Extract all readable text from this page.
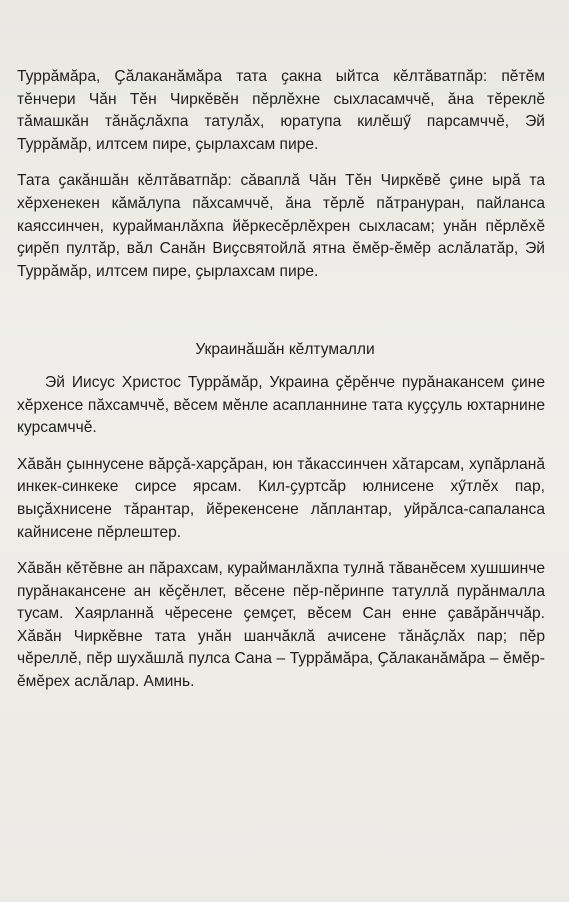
Туррӑмӑра, Ҫӑлаканӑмӑра тата ҫакна ыйтса кӗлтӑватпӑр: пӗтӗм тӗнчери Чӑн Тӗн Чиркӗвӗн пӗрлӗхне сыхласамччӗ, ӑна тӗреклӗ тӑмашкӑн тӑнӑҫлӑхпа татулӑх, юратупа килӗшӳ парсамччӗ, Эй Туррӑмӑр, илтсем пире, ҫырлахсам пире.

Тата ҫакӑншӑн кӗлтӑватпӑр: сӑваплӑ Чӑн Тӗн Чиркӗвӗ ҫине ырӑ та хӗрхенекен кӑмӑлупа пӑхсамччӗ, ӑна тӗрлӗ пӑтрануран, пайланса каяссинчен, курайманлӑхпа йӗркесӗрлӗхрен сыхласам; унӑн пӗрлӗхӗ ҫирӗп пултӑр, вӑл Санӑн Виҫсвятойлӑ ятна ӗмӗр-ӗмӗр аслӑлатӑр, Эй Туррӑмӑр, илтсем пире, ҫырлахсам пире.

Украинӑшӑн кӗлтумалли

Эй Иисус Христос Туррӑмӑр, Украина ҫӗрӗнче пурӑнакансем ҫине хӗрхенсе пӑхсамччӗ, вӗсем мӗнле асапланнине тата куҫҫуль юхтарнине курсамччӗ.

Хӑвӑн ҫыннусене вӑрҫӑ-харҫӑран, юн тӑкассинчен хӑтарсам, хупӑрланӑ инкек-синкеке сирсе ярсам. Кил-ҫуртсӑр юлнисене хӳтлӗх пар, выҫӑхнисене тӑрантар, йӗрекенсене лӑплантар, уйрӑлса-сапаланса кайнисене пӗрлештер.

Хӑвӑн кӗтӗвне ан пӑрахсам, курайманлӑхпа тулнӑ тӑванӗсем хушшинче пурӑнакансене ан кӗҫӗнлет, вӗсене пӗр-пӗринпе татуллӑ пурӑнмалла тусам. Хаярланнӑ чӗресене ҫемҫет, вӗсем Сан енне ҫавӑрӑнччӑр. Хӑвӑн Чиркӗвне тата унӑн шанчӑклӑ ачисене тӑнӑҫлӑх пар; пӗр чӗреллӗ, пӗр шухӑшлӑ пулса Сана – Туррӑмӑра, Ҫӑлаканӑмӑра – ӗмӗр-ӗмӗрех аслӑлар. Аминь.
